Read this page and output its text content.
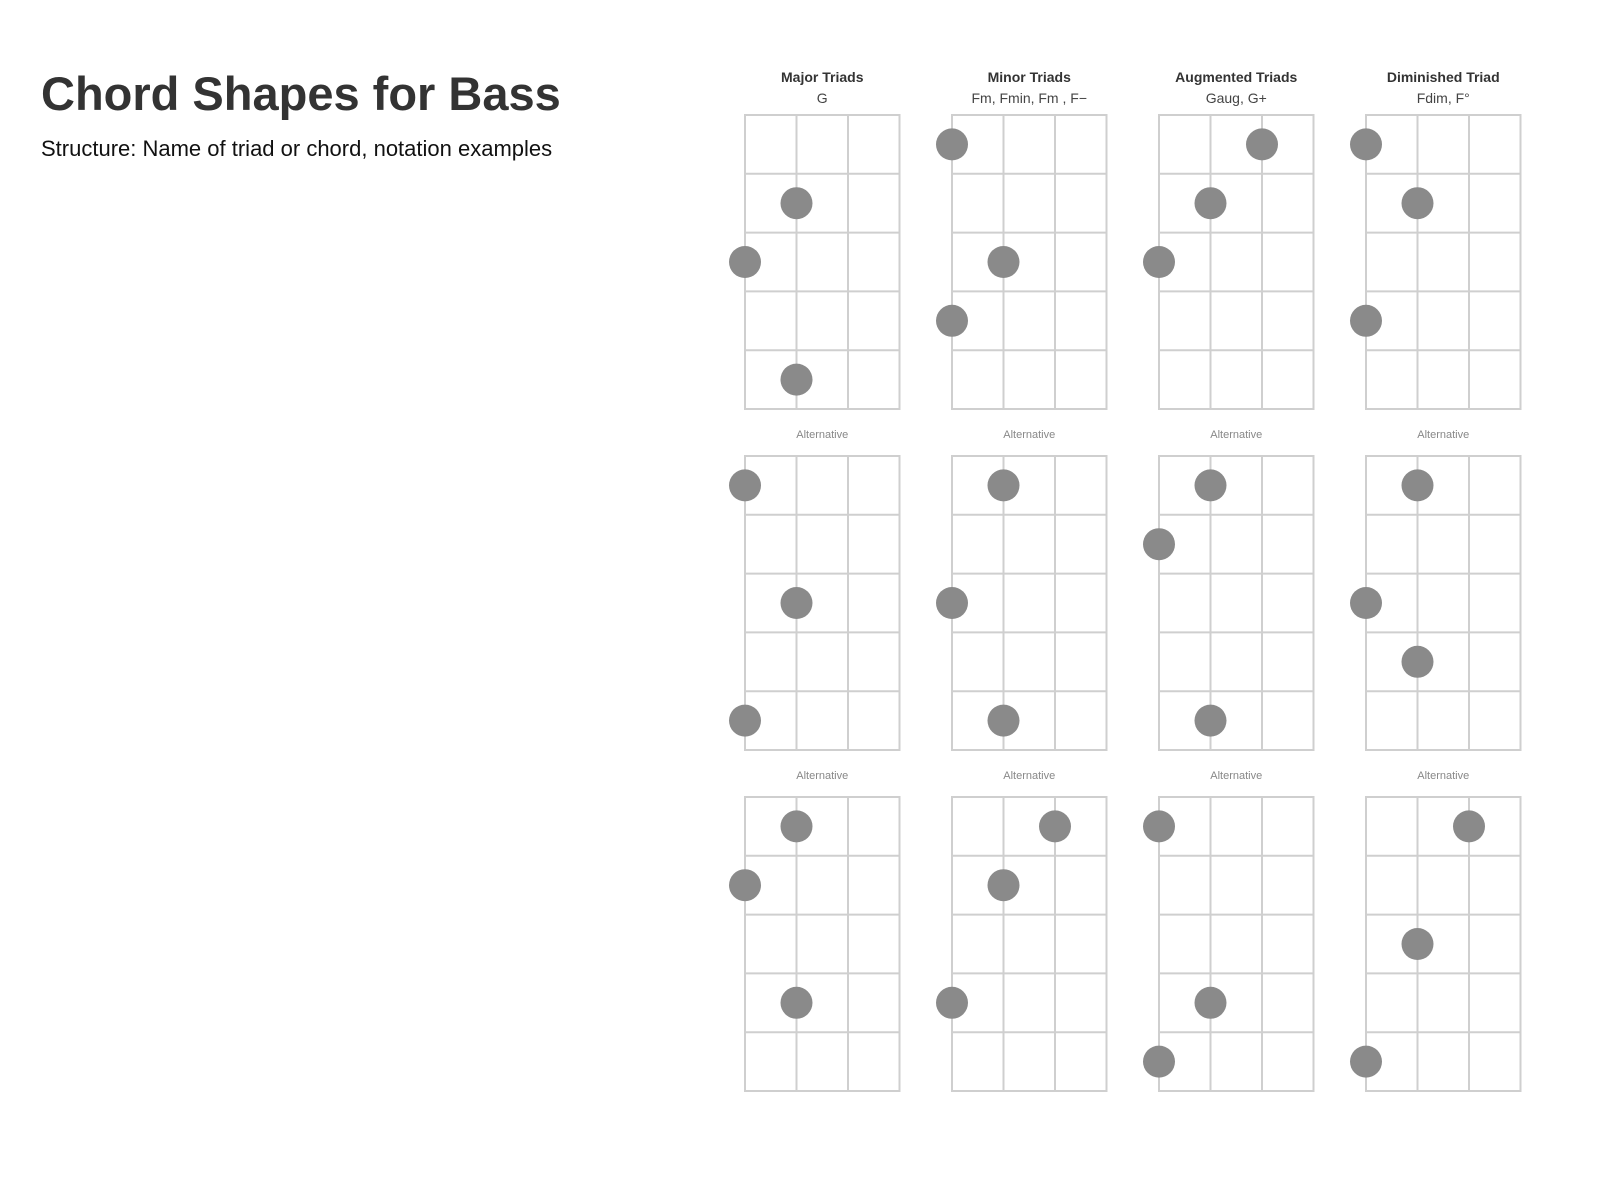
Chord Shapes for Bass

Structure: Name of triad or chord, notation examples

Major Triads
G
Alternative
Alternative
Minor Triads
Fm, Fmin, Fm , F−
Alternative
Alternative
Augmented Triads
Gaug, G+
Alternative
Alternative
Diminished Triad
Fdim, F°
Alternative
Alternative
